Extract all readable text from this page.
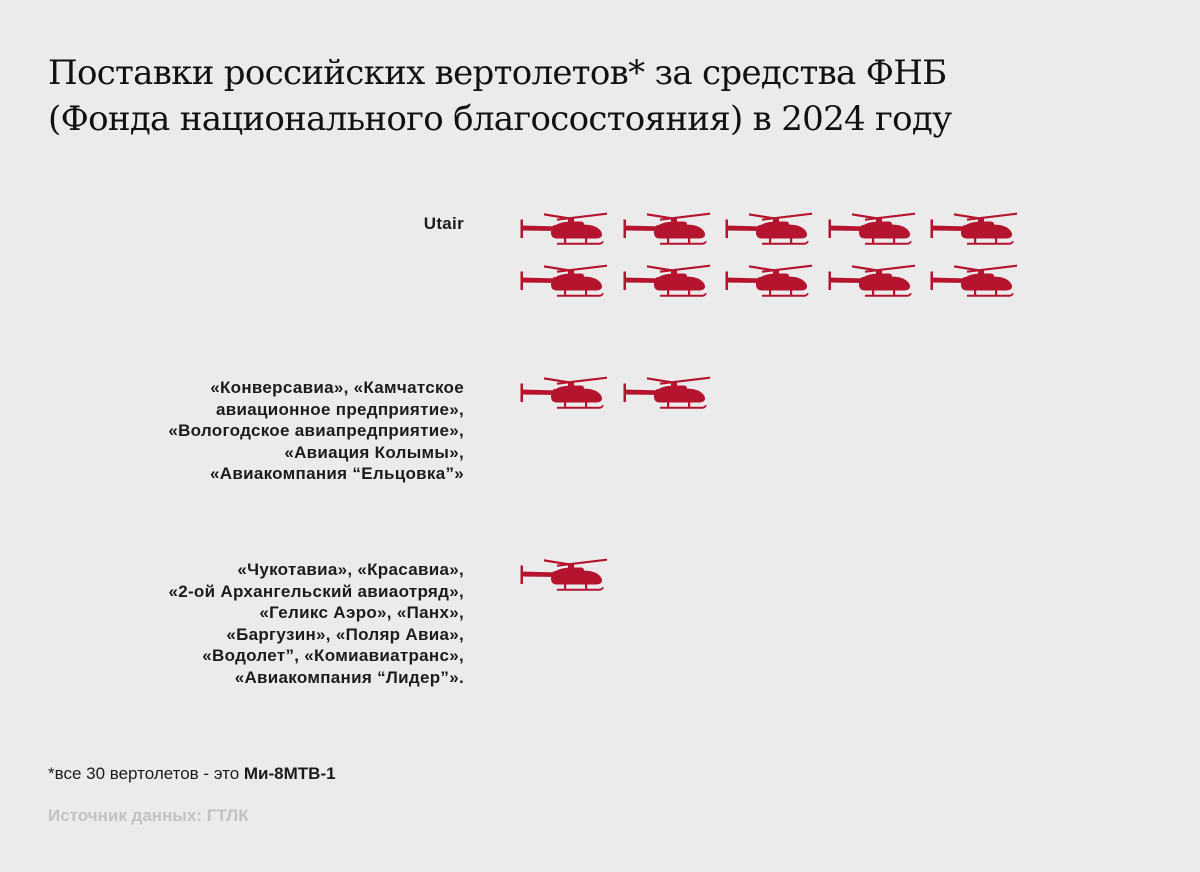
Поставки российских вертолетов* за средства ФНБ
(Фонда национального благосостояния) в 2024 году
Utair
«Конверсавиа», «Камчатское
авиационное предприятие»,
«Вологодское авиапредприятие»,
«Авиация Колымы»,
«Авиакомпания “Ельцовка”»
«Чукотавиа», «Красавиа»,
«2-ой Архангельский авиаотряд»,
«Геликс Аэро», «Панх»,
«Баргузин», «Поляр Авиа»,
«Водолет”, «Комиавиатранс»,
«Авиакомпания “Лидер”».
*все 30 вертолетов - это Ми-8МТВ-1
Источник данных: ГТЛК
